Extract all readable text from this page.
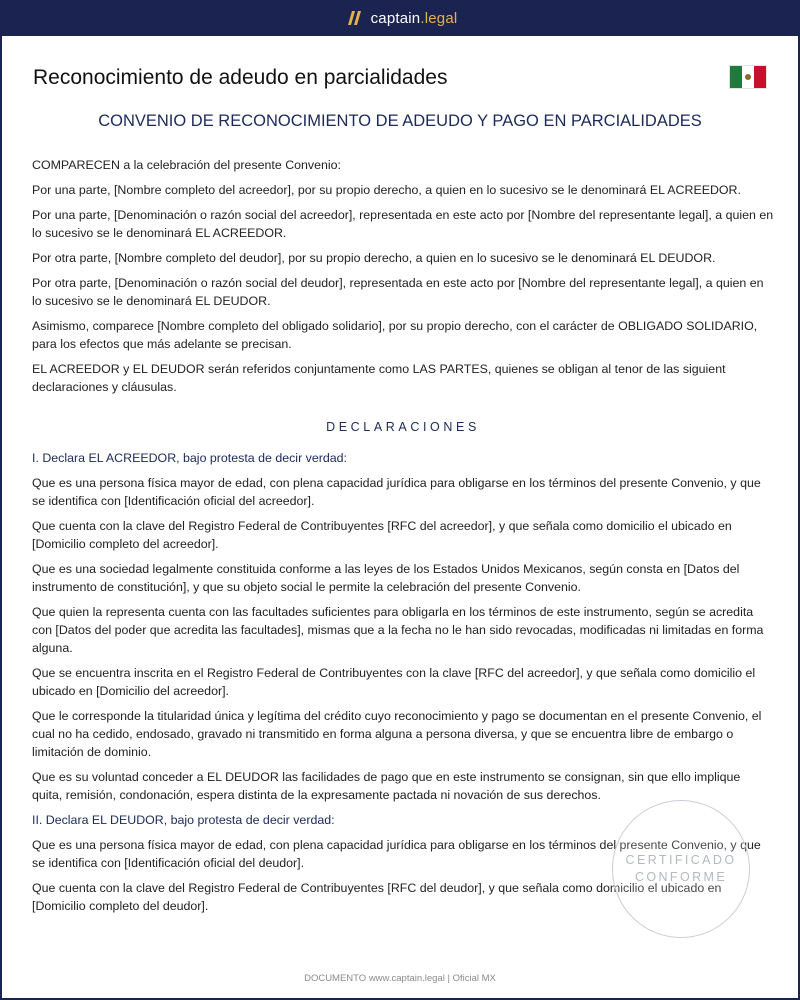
captain.legal
Reconocimiento de adeudo en parcialidades
CONVENIO DE RECONOCIMIENTO DE ADEUDO Y PAGO EN PARCIALIDADES

COMPARECEN a la celebración del presente Convenio:

Por una parte, [Nombre completo del acreedor], por su propio derecho, a quien en lo sucesivo se le denominará EL ACREEDOR.

Por una parte, [Denominación o razón social del acreedor], representada en este acto por [Nombre del representante legal], a quien en lo sucesivo se le denominará EL ACREEDOR.

Por otra parte, [Nombre completo del deudor], por su propio derecho, a quien en lo sucesivo se le denominará EL DEUDOR.

Por otra parte, [Denominación o razón social del deudor], representada en este acto por [Nombre del representante legal], a quien en lo sucesivo se le denominará EL DEUDOR.

Asimismo, comparece [Nombre completo del obligado solidario], por su propio derecho, con el carácter de OBLIGADO SOLIDARIO, para los efectos que más adelante se precisan.

EL ACREEDOR y EL DEUDOR serán referidos conjuntamente como LAS PARTES, quienes se obligan al tenor de las siguient declaraciones y cláusulas.

DECLARACIONES

I. Declara EL ACREEDOR, bajo protesta de decir verdad:

Que es una persona física mayor de edad, con plena capacidad jurídica para obligarse en los términos del presente Convenio, y que se identifica con [Identificación oficial del acreedor].

Que cuenta con la clave del Registro Federal de Contribuyentes [RFC del acreedor], y que señala como domicilio el ubicado en [Domicilio completo del acreedor].

Que es una sociedad legalmente constituida conforme a las leyes de los Estados Unidos Mexicanos, según consta en [Datos del instrumento de constitución], y que su objeto social le permite la celebración del presente Convenio.

Que quien la representa cuenta con las facultades suficientes para obligarla en los términos de este instrumento, según se acredita con [Datos del poder que acredita las facultades], mismas que a la fecha no le han sido revocadas, modificadas ni limitadas en forma alguna.

Que se encuentra inscrita en el Registro Federal de Contribuyentes con la clave [RFC del acreedor], y que señala como domicilio el ubicado en [Domicilio del acreedor].

Que le corresponde la titularidad única y legítima del crédito cuyo reconocimiento y pago se documentan en el presente Convenio, el cual no ha cedido, endosado, gravado ni transmitido en forma alguna a persona diversa, y que se encuentra libre de embargo o limitación de dominio.

Que es su voluntad conceder a EL DEUDOR las facilidades de pago que en este instrumento se consignan, sin que ello implique quita, remisión, condonación, espera distinta de la expresamente pactada ni novación de sus derechos.

II. Declara EL DEUDOR, bajo protesta de decir verdad:

Que es una persona física mayor de edad, con plena capacidad jurídica para obligarse en los términos del presente Convenio, y que se identifica con [Identificación oficial del deudor].

Que cuenta con la clave del Registro Federal de Contribuyentes [RFC del deudor], y que señala como domicilio el ubicado en [Domicilio completo del deudor].

CERTIFICADO
CONFORME
DOCUMENTO www.captain.legal | Oficial MX
